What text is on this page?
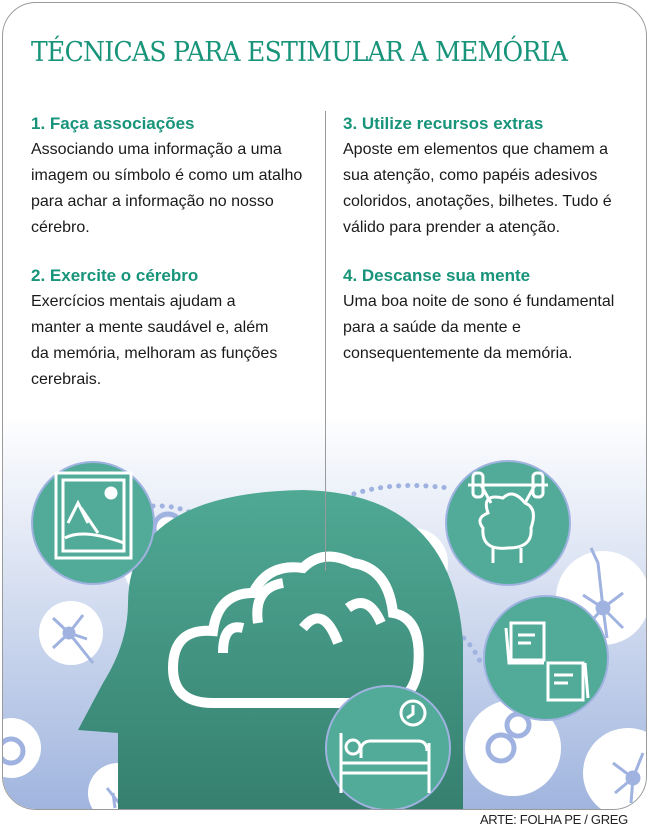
TÉCNICAS PARA ESTIMULAR A MEMÓRIA
1. Faça associações

Associando uma informação a uma imagem ou símbolo é como um atalho para achar a informação no nosso cérebro.

2. Exercite o cérebro

Exercícios mentais ajudam a manter a mente saudável e, além da memória, melhoram as funções cerebrais.

3. Utilize recursos extras

Aposte em elementos que chamem a sua atenção, como papéis adesivos coloridos, anotações, bilhetes. Tudo é válido para prender a atenção.

4. Descanse sua mente

Uma boa noite de sono é fundamental para a saúde da mente e consequentemente da memória.

ARTE: FOLHA PE / GREG
